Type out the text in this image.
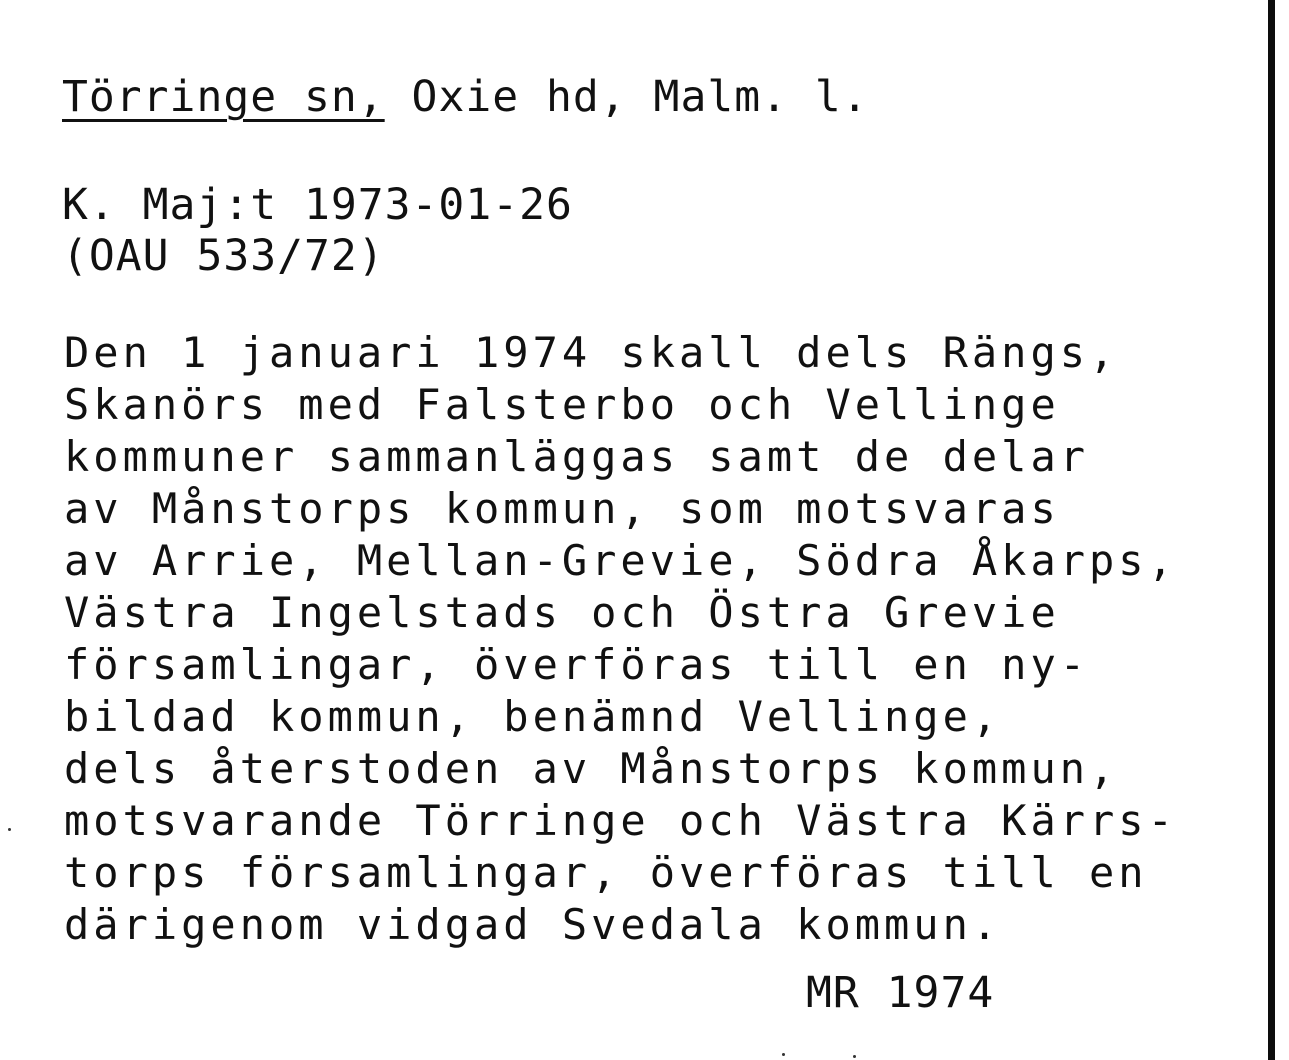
Törringe sn, Oxie hd, Malm. l.
K. Maj:t 1973-01-26
(OAU 533/72)
Den 1 januari 1974 skall dels Rängs,
Skanörs med Falsterbo och Vellinge
kommuner sammanläggas samt de delar
av Månstorps kommun, som motsvaras
av Arrie, Mellan-Grevie, Södra Åkarps,
Västra Ingelstads och Östra Grevie
församlingar, överföras till en ny-
bildad kommun, benämnd Vellinge,
dels återstoden av Månstorps kommun,
motsvarande Törringe och Västra Kärrs-
torps församlingar, överföras till en
därigenom vidgad Svedala kommun.
MR 1974
